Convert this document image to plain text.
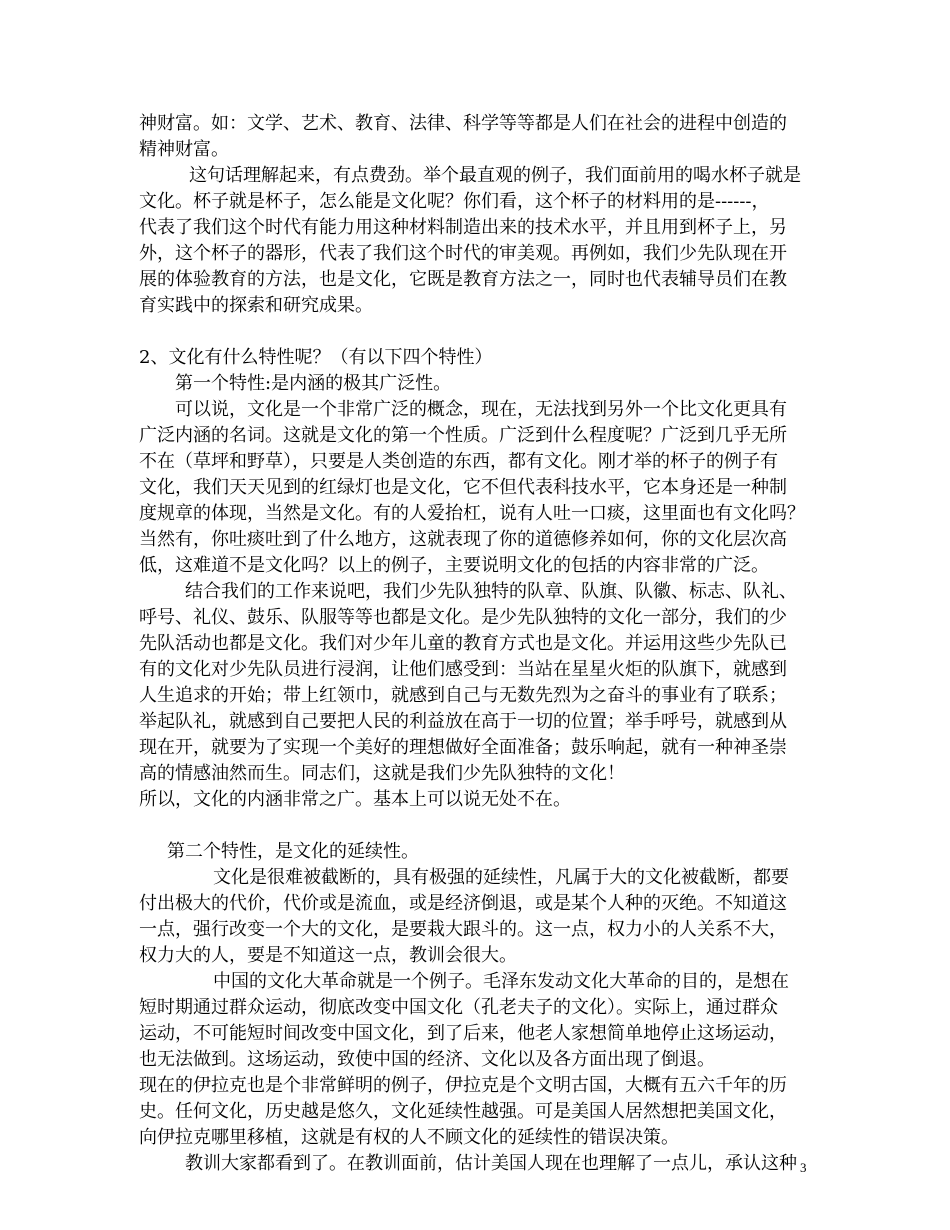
神财富。如：文学、艺术、教育、法律、科学等等都是人们在社会的进程中创造的
精神财富。
这句话理解起来，有点费劲。举个最直观的例子，我们面前用的喝水杯子就是
文化。杯子就是杯子，怎么能是文化呢？你们看，这个杯子的材料用的是------，
代表了我们这个时代有能力用这种材料制造出来的技术水平，并且用到杯子上，另
外，这个杯子的器形，代表了我们这个时代的审美观。再例如，我们少先队现在开
展的体验教育的方法，也是文化，它既是教育方法之一，同时也代表辅导员们在教
育实践中的探索和研究成果。
2、文化有什么特性呢？（有以下四个特性）
第一个特性:是内涵的极其广泛性。
可以说，文化是一个非常广泛的概念，现在，无法找到另外一个比文化更具有
广泛内涵的名词。这就是文化的第一个性质。广泛到什么程度呢？广泛到几乎无所
不在（草坪和野草），只要是人类创造的东西，都有文化。刚才举的杯子的例子有
文化，我们天天见到的红绿灯也是文化，它不但代表科技水平，它本身还是一种制
度规章的体现，当然是文化。有的人爱抬杠，说有人吐一口痰，这里面也有文化吗？
当然有，你吐痰吐到了什么地方，这就表现了你的道德修养如何，你的文化层次高
低，这难道不是文化吗？以上的例子，主要说明文化的包括的内容非常的广泛。
结合我们的工作来说吧，我们少先队独特的队章、队旗、队徽、标志、队礼、
呼号、礼仪、鼓乐、队服等等也都是文化。是少先队独特的文化一部分，我们的少
先队活动也都是文化。我们对少年儿童的教育方式也是文化。并运用这些少先队已
有的文化对少先队员进行浸润，让他们感受到：当站在星星火炬的队旗下，就感到
人生追求的开始；带上红领巾，就感到自己与无数先烈为之奋斗的事业有了联系；
举起队礼，就感到自己要把人民的利益放在高于一切的位置；举手呼号，就感到从
现在开，就要为了实现一个美好的理想做好全面准备；鼓乐响起，就有一种神圣崇
高的情感油然而生。同志们，这就是我们少先队独特的文化！
所以，文化的内涵非常之广。基本上可以说无处不在。
第二个特性，是文化的延续性。
文化是很难被截断的，具有极强的延续性，凡属于大的文化被截断，都要
付出极大的代价，代价或是流血，或是经济倒退，或是某个人种的灭绝。不知道这
一点，强行改变一个大的文化，是要栽大跟斗的。这一点，权力小的人关系不大，
权力大的人，要是不知道这一点，教训会很大。
中国的文化大革命就是一个例子。毛泽东发动文化大革命的目的，是想在
短时期通过群众运动，彻底改变中国文化（孔老夫子的文化）。实际上，通过群众
运动，不可能短时间改变中国文化，到了后来，他老人家想简单地停止这场运动，
也无法做到。这场运动，致使中国的经济、文化以及各方面出现了倒退。
现在的伊拉克也是个非常鲜明的例子，伊拉克是个文明古国，大概有五六千年的历
史。任何文化，历史越是悠久，文化延续性越强。可是美国人居然想把美国文化，
向伊拉克哪里移植，这就是有权的人不顾文化的延续性的错误决策。
教训大家都看到了。在教训面前，估计美国人现在也理解了一点儿，承认这种 3
